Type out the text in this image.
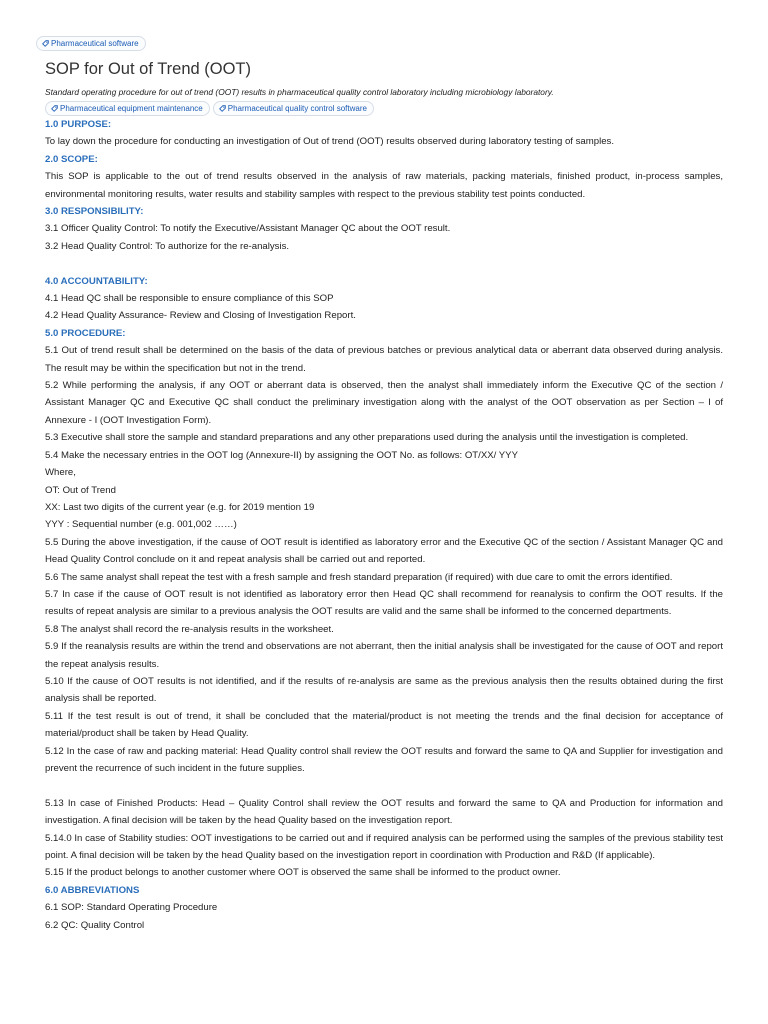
Pharmaceutical software
SOP for Out of Trend (OOT)
Standard operating procedure for out of trend (OOT) results in pharmaceutical quality control laboratory including microbiology laboratory.
Pharmaceutical equipment maintenance	Pharmaceutical quality control software

1.0 PURPOSE:

To lay down the procedure for conducting an investigation of Out of trend (OOT) results observed during laboratory testing of samples.

2.0 SCOPE:

This SOP is applicable to the out of trend results observed in the analysis of raw materials, packing materials, finished product, in-process samples, environmental monitoring results, water results and stability samples with respect to the previous stability test points conducted.

3.0 RESPONSIBILITY:

3.1 Officer Quality Control: To notify the Executive/Assistant Manager QC about the OOT result.

3.2 Head Quality Control: To authorize for the re-analysis.

4.0 ACCOUNTABILITY:

4.1 Head QC shall be responsible to ensure compliance of this SOP

4.2 Head Quality Assurance- Review and Closing of Investigation Report.

5.0 PROCEDURE:

5.1 Out of trend result shall be determined on the basis of the data of previous batches or previous analytical data or aberrant data observed during analysis. The result may be within the specification but not in the trend.

5.2 While performing the analysis, if any OOT or aberrant data is observed, then the analyst shall immediately inform the Executive QC of the section / Assistant Manager QC and Executive QC shall conduct the preliminary investigation along with the analyst of the OOT observation as per Section – I of Annexure - I (OOT Investigation Form).

5.3 Executive shall store the sample and standard preparations and any other preparations used during the analysis until the investigation is completed.

5.4 Make the necessary entries in the OOT log (Annexure-II) by assigning the OOT No. as follows: OT/XX/ YYY

Where,

OT: Out of Trend

XX: Last two digits of the current year (e.g. for 2019 mention 19

YYY : Sequential number (e.g. 001,002 ……)

5.5 During the above investigation, if the cause of OOT result is identified as laboratory error and the Executive QC of the section / Assistant Manager QC and Head Quality Control conclude on it and repeat analysis shall be carried out and reported.

5.6 The same analyst shall repeat the test with a fresh sample and fresh standard preparation (if required) with due care to omit the errors identified.

5.7 In case if the cause of OOT result is not identified as laboratory error then Head QC shall recommend for reanalysis to confirm the OOT results. If the results of repeat analysis are similar to a previous analysis the OOT results are valid and the same shall be informed to the concerned departments.

5.8 The analyst shall record the re-analysis results in the worksheet.

5.9 If the reanalysis results are within the trend and observations are not aberrant, then the initial analysis shall be investigated for the cause of OOT and report the repeat analysis results.

5.10 If the cause of OOT results is not identified, and if the results of re-analysis are same as the previous analysis then the results obtained during the first analysis shall be reported.

5.11 If the test result is out of trend, it shall be concluded that the material/product is not meeting the trends and the final decision for acceptance of material/product shall be taken by Head Quality.

5.12 In the case of raw and packing material: Head Quality control shall review the OOT results and forward the same to QA and Supplier for investigation and prevent the recurrence of such incident in the future supplies.

5.13 In case of Finished Products: Head – Quality Control shall review the OOT results and forward the same to QA and Production for information and investigation. A final decision will be taken by the head Quality based on the investigation report.

5.14.0 In case of Stability studies: OOT investigations to be carried out and if required analysis can be performed using the samples of the previous stability test point. A final decision will be taken by the head Quality based on the investigation report in coordination with Production and R&D (If applicable).

5.15 If the product belongs to another customer where OOT is observed the same shall be informed to the product owner.

6.0 ABBREVIATIONS

6.1 SOP: Standard Operating Procedure

6.2 QC: Quality Control
